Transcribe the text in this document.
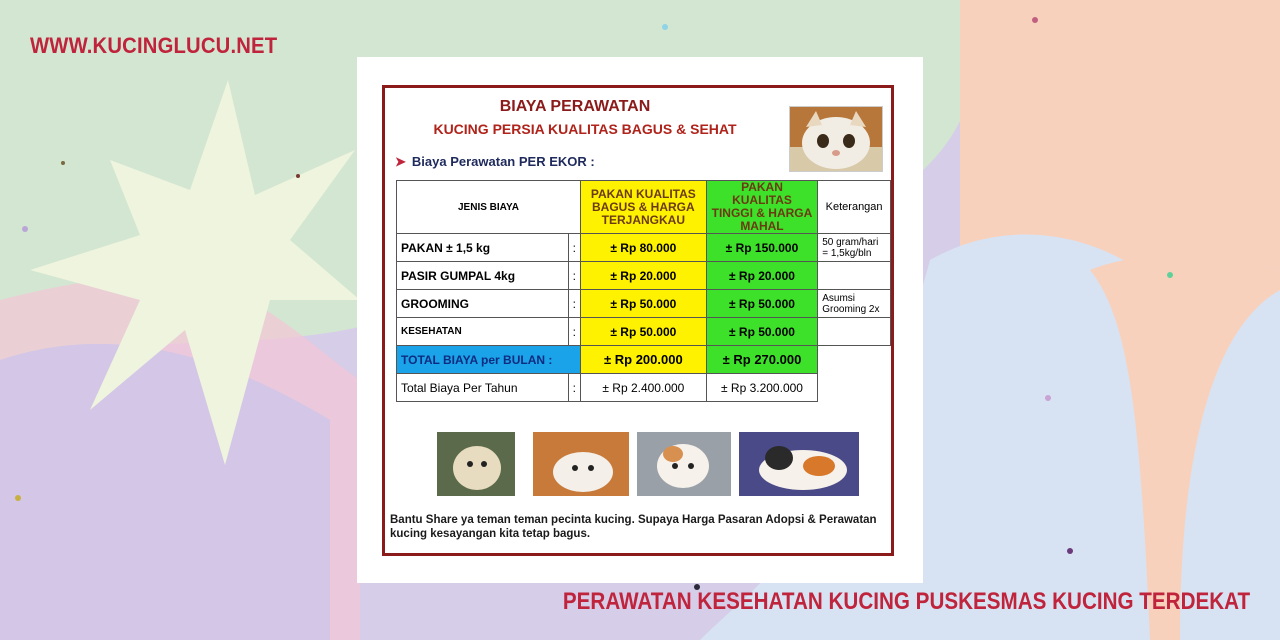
WWW.KUCINGLUCU.NET
BIAYA PERAWATAN
KUCING PERSIA KUALITAS BAGUS & SEHAT
➤ Biaya Perawatan PER EKOR :
JENIS BIAYA		PAKAN KUALITAS BAGUS & HARGA TERJANGKAU	PAKAN KUALITAS TINGGI & HARGA MAHAL	Keterangan
PAKAN ± 1,5 kg	:	± Rp 80.000	± Rp 150.000	50 gram/hari = 1,5kg/bln
PASIR GUMPAL 4kg	:	± Rp 20.000	± Rp 20.000	
GROOMING	:	± Rp 50.000	± Rp 50.000	Asumsi Grooming 2x
KESEHATAN	:	± Rp 50.000	± Rp 50.000	
TOTAL BIAYA per BULAN :		± Rp 200.000	± Rp 270.000	
Total Biaya Per Tahun	:	± Rp 2.400.000	± Rp 3.200.000	
Bantu Share ya teman teman pecinta kucing. Supaya Harga Pasaran Adopsi & Perawatan kucing kesayangan kita tetap bagus.
PERAWATAN KESEHATAN KUCING PUSKESMAS KUCING TERDEKAT
